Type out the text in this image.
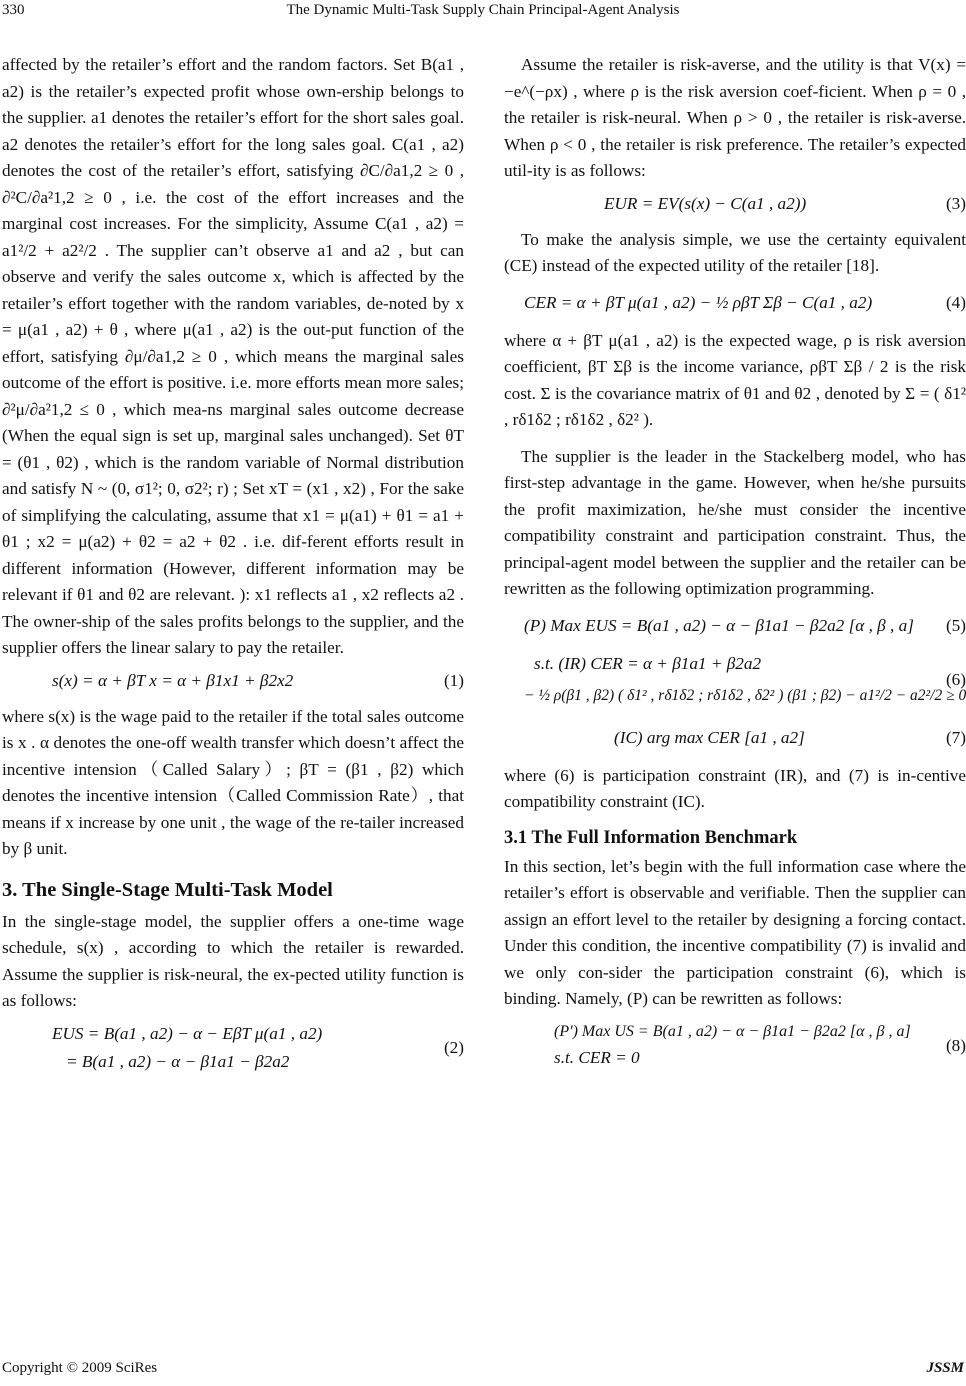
330	The Dynamic Multi-Task Supply Chain Principal-Agent Analysis

affected by the retailer’s effort and the random factors. Set B(a1 , a2) is the retailer’s expected profit whose own-ership belongs to the supplier. a1 denotes the retailer’s effort for the short sales goal. a2 denotes the retailer’s effort for the long sales goal. C(a1 , a2) denotes the cost of the retailer’s effort, satisfying ∂C/∂a1,2 ≥ 0 , ∂²C/∂a²1,2 ≥ 0 , i.e. the cost of the effort increases and the marginal cost increases. For the simplicity, Assume C(a1 , a2) = a1²/2 + a2²/2 . The supplier can’t observe a1 and a2 , but can observe and verify the sales outcome x, which is affected by the retailer’s effort together with the random variables, de-noted by x = μ(a1 , a2) + θ , where μ(a1 , a2) is the out-put function of the effort, satisfying ∂μ/∂a1,2 ≥ 0 , which means the marginal sales outcome of the effort is positive. i.e. more efforts mean more sales; ∂²μ/∂a²1,2 ≤ 0 , which mea-ns marginal sales outcome decrease (When the equal sign is set up, marginal sales unchanged). Set θT = (θ1 , θ2) , which is the random variable of Normal distribution and satisfy N ~ (0, σ1²; 0, σ2²; r) ; Set xT = (x1 , x2) , For the sake of simplifying the calculating, assume that x1 = μ(a1) + θ1 = a1 + θ1 ; x2 = μ(a2) + θ2 = a2 + θ2 . i.e. dif-ferent efforts result in different information (However, different information may be relevant if θ1 and θ2 are relevant. ): x1 reflects a1 , x2 reflects a2 . The owner-ship of the sales profits belongs to the supplier, and the supplier offers the linear salary to pay the retailer.

s(x) = α + βT x = α + β1x1 + β2x2	(1)

where s(x) is the wage paid to the retailer if the total sales outcome is x . α denotes the one-off wealth transfer which doesn’t affect the incentive intension（Called Salary）; βT = (β1 , β2) which denotes the incentive intension（Called Commission Rate）, that means if x increase by one unit , the wage of the re-tailer increased by β unit.

3. The Single-Stage Multi-Task Model

In the single-stage model, the supplier offers a one-time wage schedule, s(x) , according to which the retailer is rewarded. Assume the supplier is risk-neural, the ex-pected utility function is as follows:

EUS = B(a1 , a2) − α − EβT μ(a1 , a2)
= B(a1 , a2) − α − β1a1 − β2a2
(2)

Assume the retailer is risk-averse, and the utility is that V(x) = −e^(−ρx) , where ρ is the risk aversion coef-ficient. When ρ = 0 , the retailer is risk-neural. When ρ > 0 , the retailer is risk-averse. When ρ < 0 , the retailer is risk preference. The retailer’s expected util-ity is as follows:

EUR = EV(s(x) − C(a1 , a2))	(3)

To make the analysis simple, we use the certainty equivalent (CE) instead of the expected utility of the retailer [18].

CER = α + βT μ(a1 , a2) − ½ ρβT Σβ − C(a1 , a2)	(4)

where α + βT μ(a1 , a2) is the expected wage, ρ is risk aversion coefficient, βT Σβ is the income variance, ρβT Σβ / 2 is the risk cost. Σ is the covariance matrix of θ1 and θ2 , denoted by Σ = ( δ1² , rδ1δ2 ; rδ1δ2 , δ2² ).

The supplier is the leader in the Stackelberg model, who has first-step advantage in the game. However, when he/she pursuits the profit maximization, he/she must consider the incentive compatibility constraint and participation constraint. Thus, the principal-agent model between the supplier and the retailer can be rewritten as the following optimization programming.

(P) Max EUS = B(a1 , a2) − α − β1a1 − β2a2 [α , β , a] (5)
s.t. (IR) CER = α + β1a1 + β2a2
− ½ ρ(β1 , β2) ( δ1² , rδ1δ2 ; rδ1δ2 , δ2² ) (β1 ; β2) − a1²/2 − a2²/2 ≥ 0
(6)
(IC) arg max CER [a1 , a2]	(7)

where (6) is participation constraint (IR), and (7) is in-centive compatibility constraint (IC).

3.1 The Full Information Benchmark

In this section, let’s begin with the full information case where the retailer’s effort is observable and verifiable. Then the supplier can assign an effort level to the retailer by designing a forcing contact. Under this condition, the incentive compatibility (7) is invalid and we only con-sider the participation constraint (6), which is binding. Namely, (P) can be rewritten as follows:

(P′) Max US = B(a1 , a2) − α − β1a1 − β2a2 [α , β , a]
s.t. CER = 0
(8)
Copyright © 2009 SciRes	JSSM
